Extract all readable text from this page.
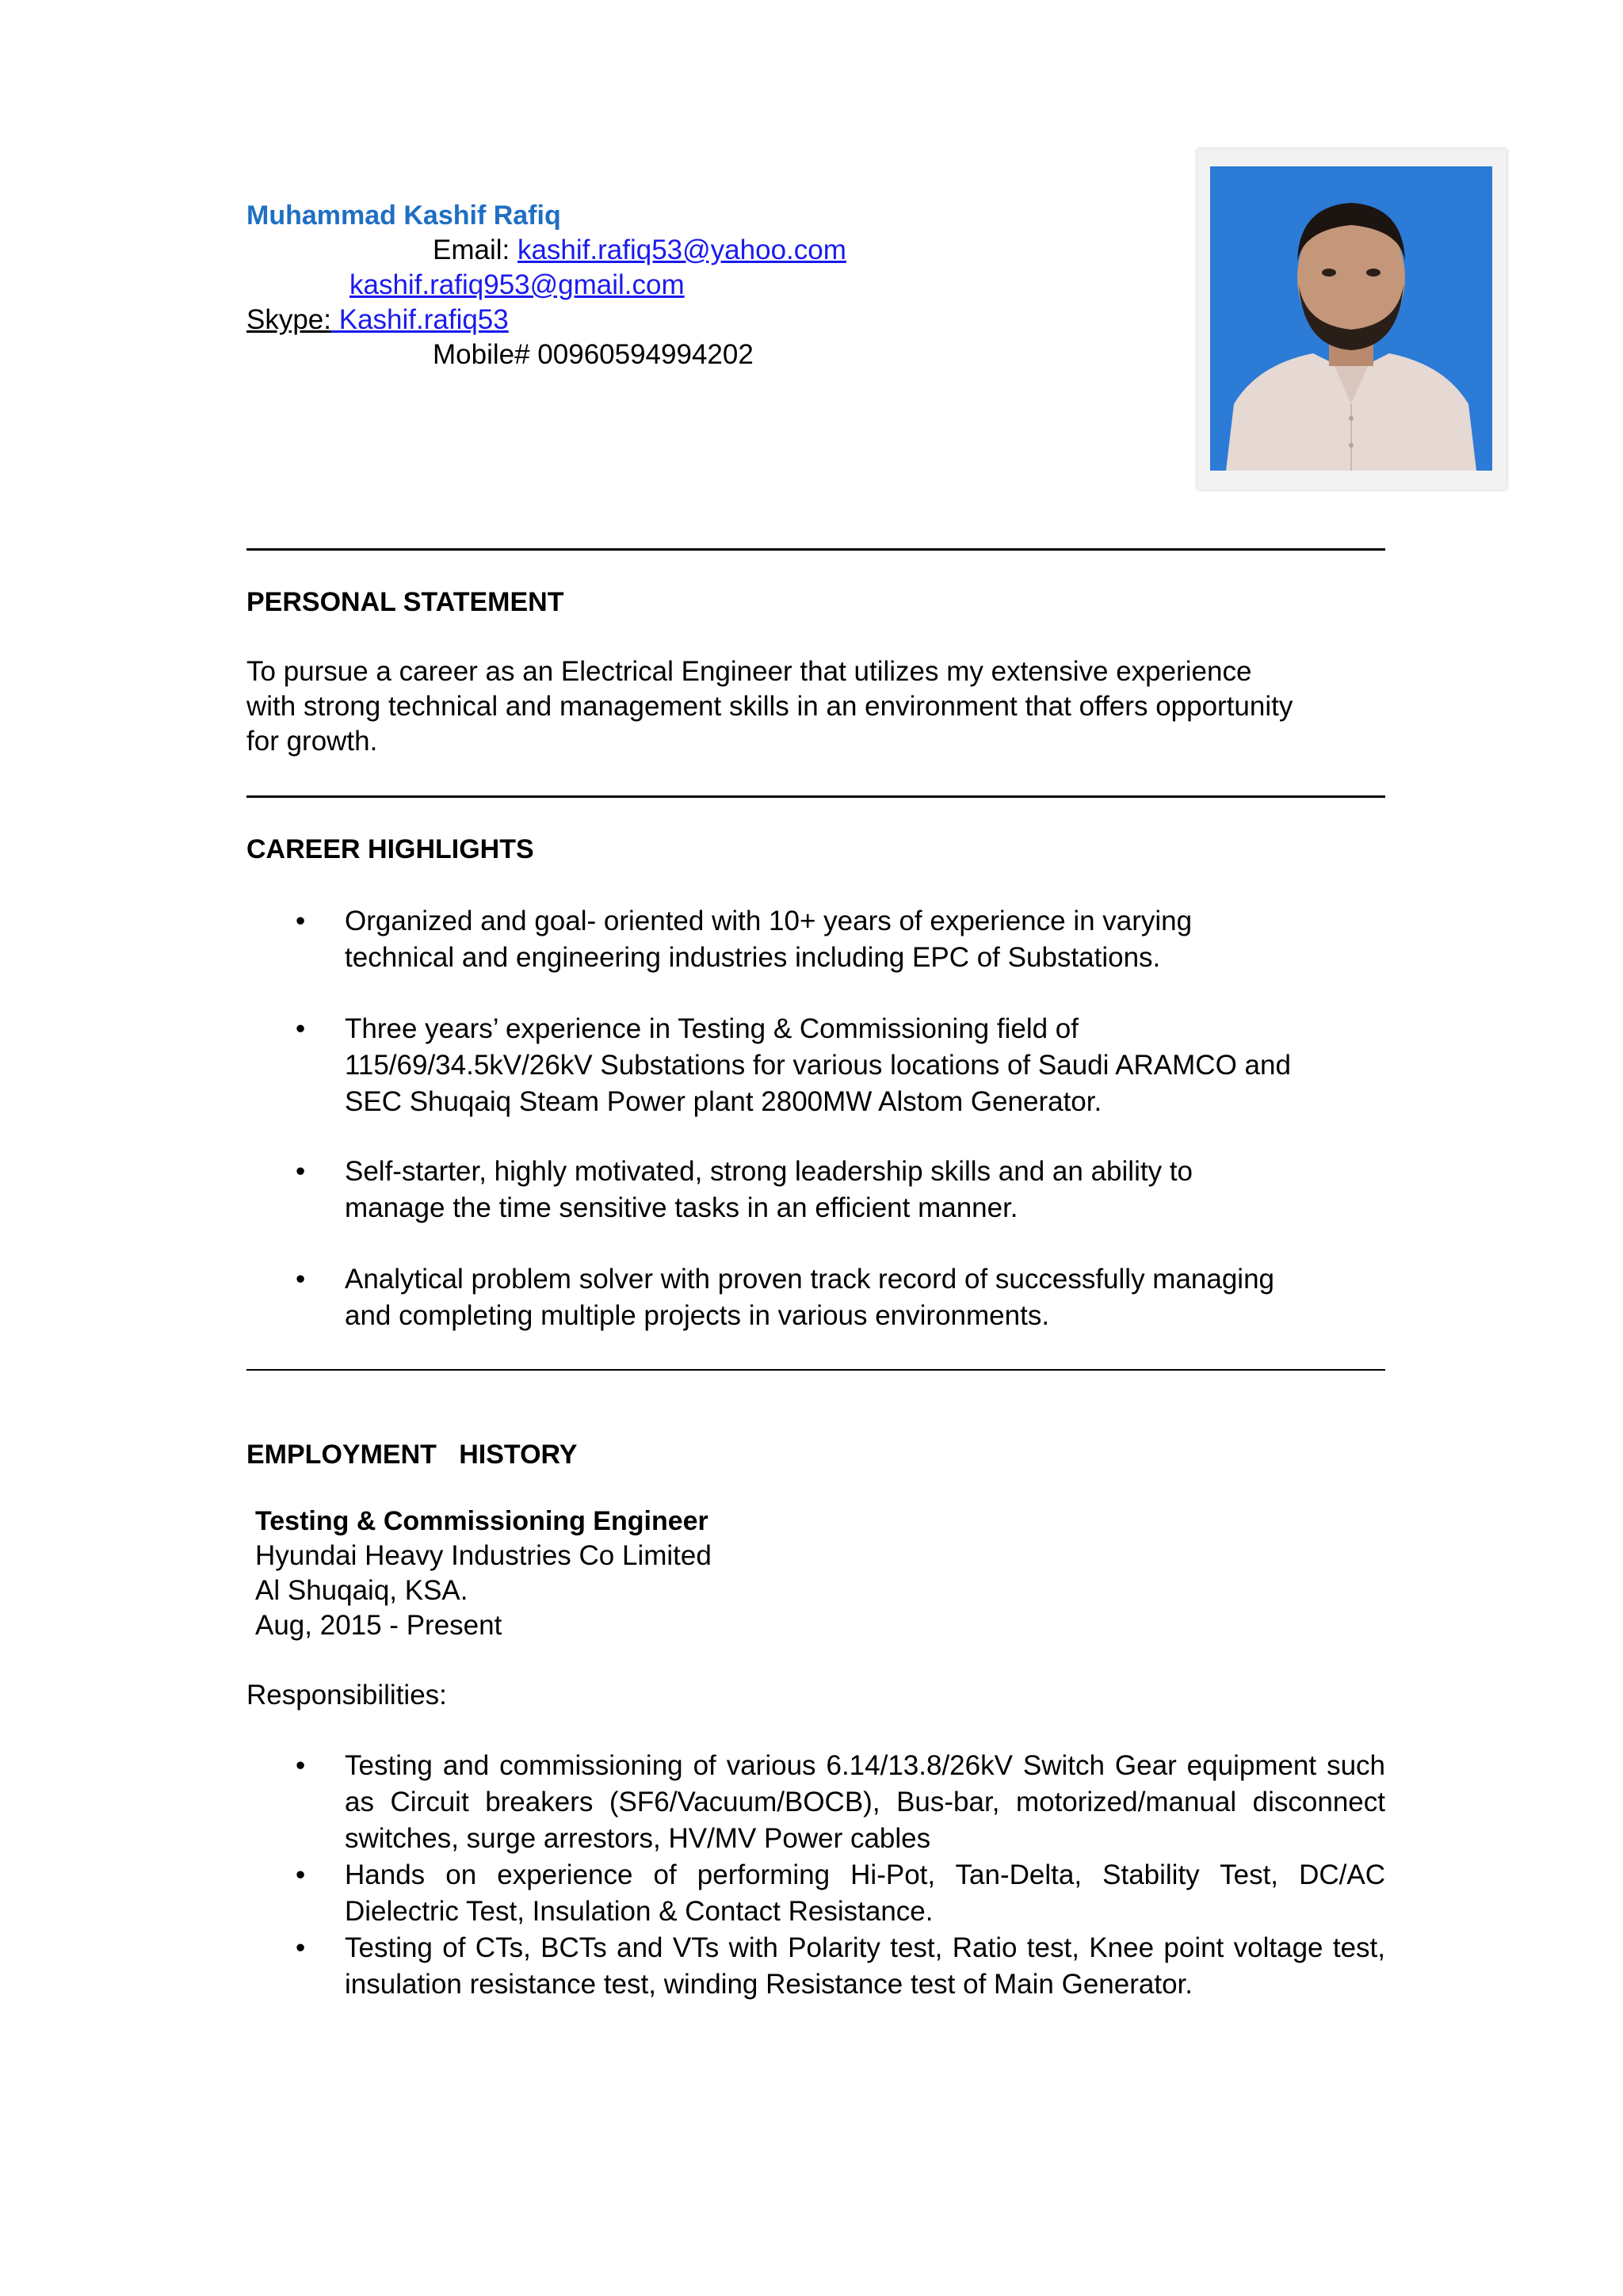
Muhammad Kashif Rafiq
Email: kashif.rafiq53@yahoo.com
kashif.rafiq953@gmail.com
Skype: Kashif.rafiq53
Mobile# 00960594994202
PERSONAL STATEMENT
To pursue a career as an Electrical Engineer that utilizes my extensive experience
with strong technical and management skills in an environment that offers opportunity
for growth.
CAREER HIGHLIGHTS
• Organized and goal- oriented with 10+ years of experience in varying
technical and engineering industries including EPC of Substations.
• Three years’ experience in Testing & Commissioning field of
115/69/34.5kV/26kV Substations for various locations of Saudi ARAMCO and
SEC Shuqaiq Steam Power plant 2800MW Alstom Generator.
• Self-starter, highly motivated, strong leadership skills and an ability to
manage the time sensitive tasks in an efficient manner.
• Analytical problem solver with proven track record of successfully managing
and completing multiple projects in various environments.
EMPLOYMENT   HISTORY
Testing & Commissioning Engineer
Hyundai Heavy Industries Co Limited
Al Shuqaiq, KSA.
Aug, 2015 - Present
Responsibilities:
• Testing and commissioning of various 6.14/13.8/26kV Switch Gear equipment such as Circuit breakers (SF6/Vacuum/BOCB), Bus-bar, motorized/manual disconnect switches, surge arrestors, HV/MV Power cables
• Hands on experience of performing Hi-Pot, Tan-Delta, Stability Test, DC/AC Dielectric Test, Insulation & Contact Resistance.
• Testing of CTs, BCTs and VTs with Polarity test, Ratio test, Knee point voltage test, insulation resistance test, winding Resistance test of Main Generator.
